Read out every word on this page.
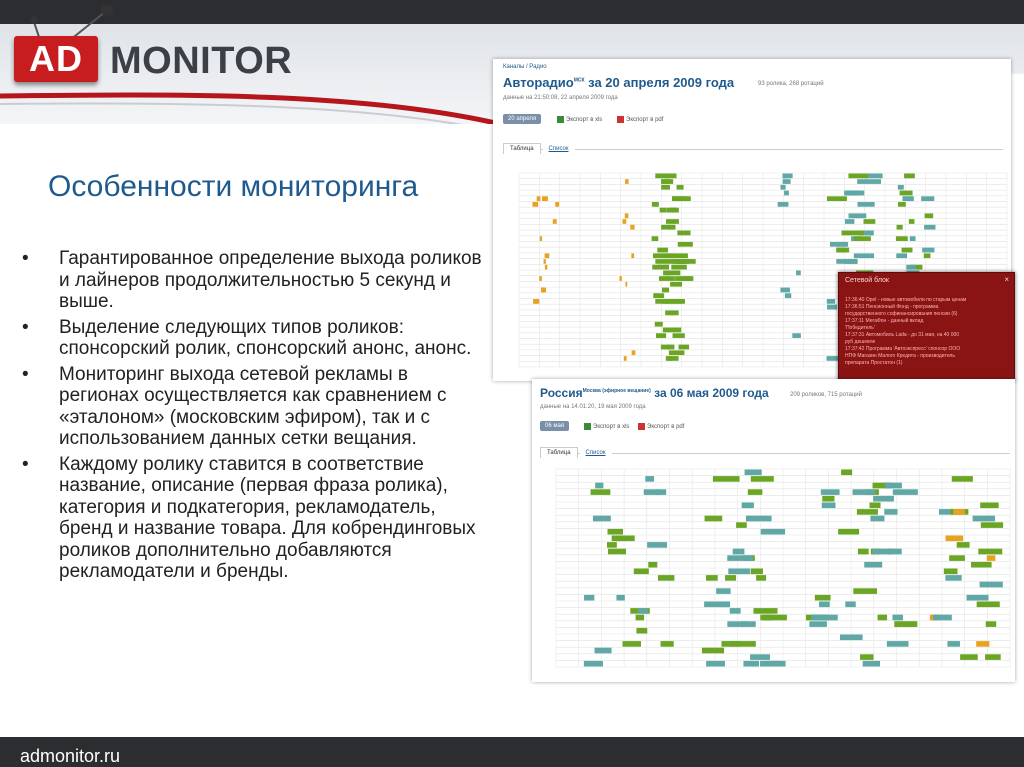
AD MONITOR
Особенности мониторинга
• Гарантированное определение выхода роликов и лайнеров продолжительностью 5 секунд и выше.
• Выделение следующих типов роликов: спонсорский ролик, спонсорский анонс, анонс.
• Мониторинг выхода сетевой рекламы в регионах осуществляется как сравнением с «эталоном» (московским эфиром), так и с использованием данных сетки вещания.
• Каждому ролику ставится в соответствие название, описание (первая фраза ролика), категория и подкатегория, рекламодатель, бренд и название товара. Для кобрендинговых роликов дополнительно добавляются рекламодатели и бренды.
Каналы / Радио
Авторадио$^{МСК}$ за 20 апреля 2009 года	93 ролика, 268 ротаций
данные на 21:50:08, 22 апреля 2009 года
20 апреля	Экспорт в xls	Экспорт в pdf
Таблица	Список
Сетевой блок	×
17:36:40 Opel - новые автомобили по старым ценам
17:36:51 Пенсионный Фонд - программа
государственного софинансирования пенсии (6)
17:37:11 МегаФон - данный вклад
'Победитель'
17:37:31 Автомобиль Lada - до 31 мая, на 40 000
руб дешевле
17:37:42 Программа 'Автоэкспресс' спонсор ООО
НПФ Магазин Малого Кредита - производитель
препарата Простатон (1)
Россия$^{Москва (эфирное вещание)}$ за 06 мая 2009 года	209 роликов, 715 ротаций
данные на 14.01:20, 19 мая 2009 года
06 мая	Экспорт в xls	Экспорт в pdf
Таблица	Список
admonitor.ru
